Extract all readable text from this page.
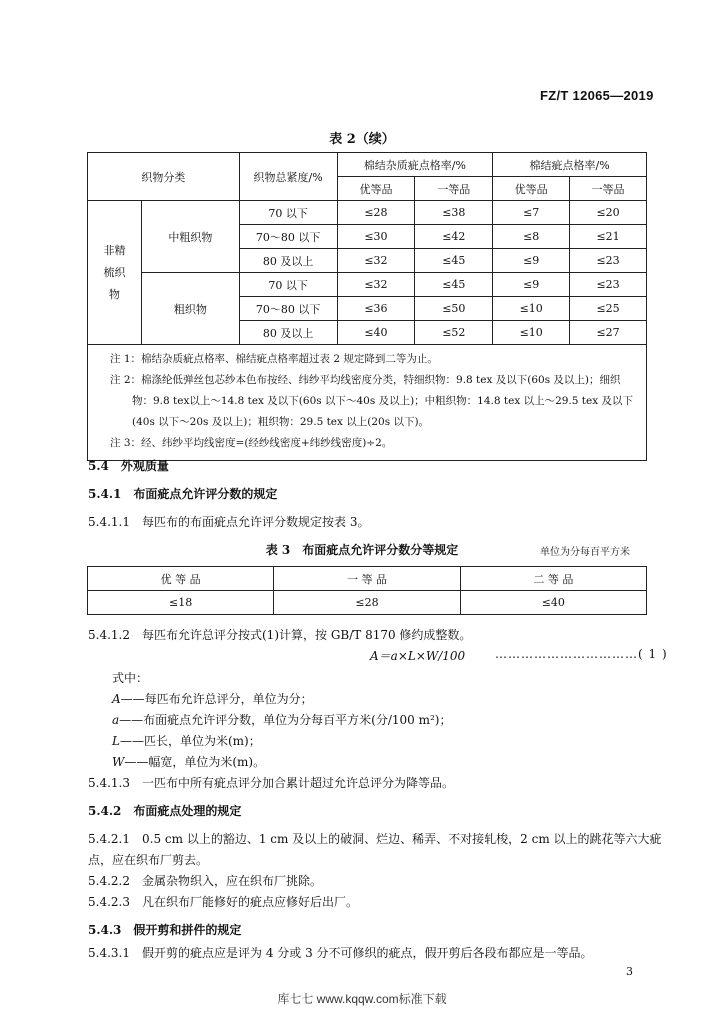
FZ/T 12065—2019
表 2（续）
织物分类		织物总紧度/%	棉结杂质疵点格率/%		棉结疵点格率/%	
			优等品	一等品	优等品	一等品
非精梳织物	中粗织物	70 以下	≤28	≤38	≤7	≤20
		70～80 以下	≤30	≤42	≤8	≤21
		80 及以上	≤32	≤45	≤9	≤23
	粗织物	70 以下	≤32	≤45	≤9	≤23
		70～80 以下	≤36	≤50	≤10	≤25
		80 及以上	≤40	≤52	≤10	≤27

注 1：棉结杂质疵点格率、棉结疵点格率超过表 2 规定降到二等为止。
注 2：棉涤纶低弹丝包芯纱本色布按经、纬纱平均线密度分类，特细织物：9.8 tex 及以下(60s 及以上)；细织物：9.8 tex以上～14.8 tex 及以下(60s 以下～40s 及以上)；中粗织物：14.8 tex 以上～29.5 tex 及以下(40s 以下～20s 及以上)；粗织物：29.5 tex 以上(20s 以下)。
注 3：经、纬纱平均线密度=(经纱线密度+纬纱线密度)÷2。						
5.4　 外观质量
5.4.1　 布面疵点允许评分数的规定
5.4.1.1　 每匹布的布面疵点允许评分数规定按表 3。
表 3　布面疵点允许评分数分等规定	单位为分每百平方米
优 等 品	一 等 品	二 等 品
≤18	≤28	≤40
5.4.1.2　 每匹布允许总评分按式(1)计算，按 GB/T 8170 修约成整数。
A＝a×L×W/100 ……………………………( 1 )
式中：
A——每匹布允许总评分，单位为分；
a——布面疵点允许评分数，单位为分每百平方米(分/100 m²)；
L——匹长，单位为米(m)；
W——幅宽，单位为米(m)。
5.4.1.3　 一匹布中所有疵点评分加合累计超过允许总评分为降等品。
5.4.2　 布面疵点处理的规定
5.4.2.1　 0.5 cm 以上的豁边、1 cm 及以上的破洞、烂边、稀弄、不对接轧梭，2 cm 以上的跳花等六大疵
点，应在织布厂剪去。
5.4.2.2　 金属杂物织入，应在织布厂挑除。
5.4.2.3　 凡在织布厂能修好的疵点应修好后出厂。
5.4.3　 假开剪和拼件的规定
5.4.3.1　 假开剪的疵点应是评为 4 分或 3 分不可修织的疵点，假开剪后各段布都应是一等品。
3
库七七 www.kqqw.com标准下载
